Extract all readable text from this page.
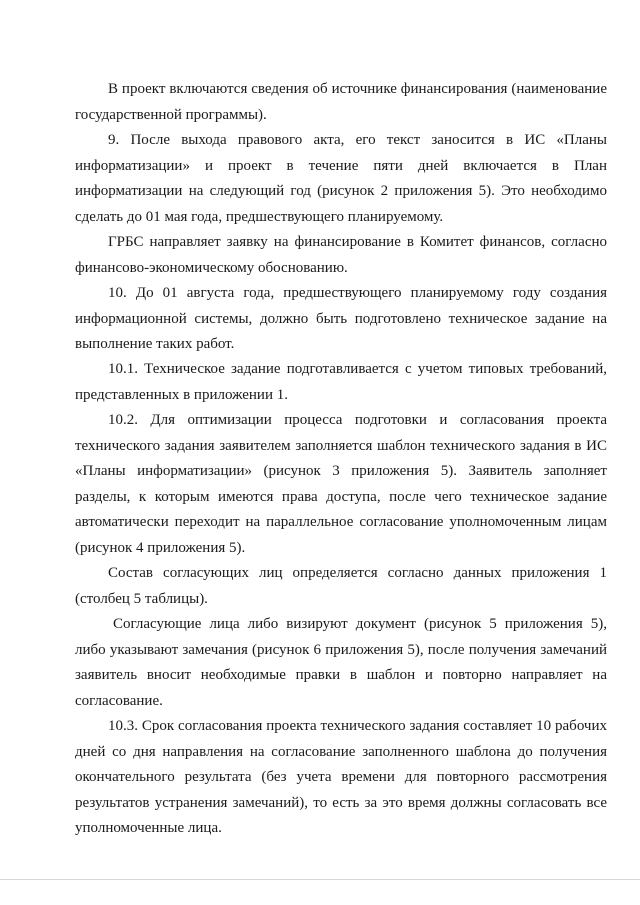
В проект включаются сведения об источнике финансирования (наименование государственной программы).

9. После выхода правового акта, его текст заносится в ИС «Планы информатизации» и проект в течение пяти дней включается в План информатизации на следующий год (рисунок 2 приложения 5). Это необходимо сделать до 01 мая года, предшествующего планируемому.

ГРБС направляет заявку на финансирование в Комитет финансов, согласно финансово-экономическому обоснованию.

10. До 01 августа года, предшествующего планируемому году создания информационной системы, должно быть подготовлено техническое задание на выполнение таких работ.

10.1. Техническое задание подготавливается с учетом типовых требований, представленных в приложении 1.

10.2. Для оптимизации процесса подготовки и согласования проекта технического задания заявителем заполняется шаблон технического задания в ИС «Планы информатизации» (рисунок 3 приложения 5). Заявитель заполняет разделы, к которым имеются права доступа, после чего техническое задание автоматически переходит на параллельное согласование уполномоченным лицам (рисунок 4 приложения 5).

Состав согласующих лиц определяется согласно данных приложения 1 (столбец 5 таблицы).

Согласующие лица либо визируют документ (рисунок 5 приложения 5), либо указывают замечания (рисунок 6 приложения 5), после получения замечаний заявитель вносит необходимые правки в шаблон и повторно направляет на согласование.

10.3. Срок согласования проекта технического задания составляет 10 рабочих дней со дня направления на согласование заполненного шаблона до получения окончательного результата (без учета времени для повторного рассмотрения результатов устранения замечаний), то есть за это время должны согласовать все уполномоченные лица.
